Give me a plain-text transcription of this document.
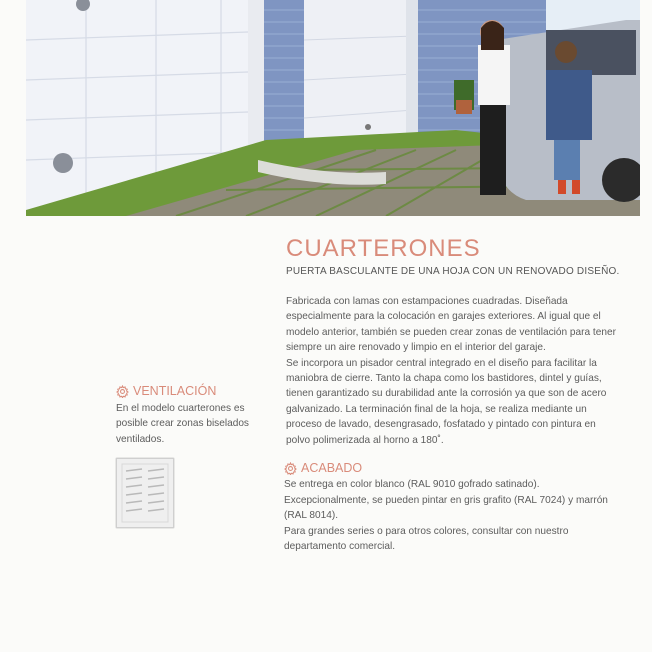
CUARTERONES
PUERTA BASCULANTE DE UNA HOJA CON UN RENOVADO DISEÑO.

Fabricada con lamas con estampaciones cuadradas. Diseñada especialmente para la colocación en garajes exteriores. Al igual que el modelo anterior, también se pueden crear zonas de ventilación para tener siempre un aire renovado y limpio en el interior del garaje.

Se incorpora un pisador central integrado en el diseño para facilitar la maniobra de cierre. Tanto la chapa como los bastidores, dintel y guías, tienen garantizado su durabilidad ante la corrosión ya que son de acero galvanizado. La terminación final de la hoja, se realiza mediante un proceso de lavado, desengrasado, fosfatado y pintado con pintura en polvo polimerizada al horno a 180˚.

VENTILACIÓN
En el modelo cuarterones es posible crear zonas biselados ventilados.
ACABADO

Se entrega en color blanco (RAL 9010 gofrado satinado).

Excepcionalmente, se pueden pintar en gris grafito (RAL 7024) y marrón (RAL 8014).

Para grandes series o para otros colores, consultar con nuestro departamento comercial.
